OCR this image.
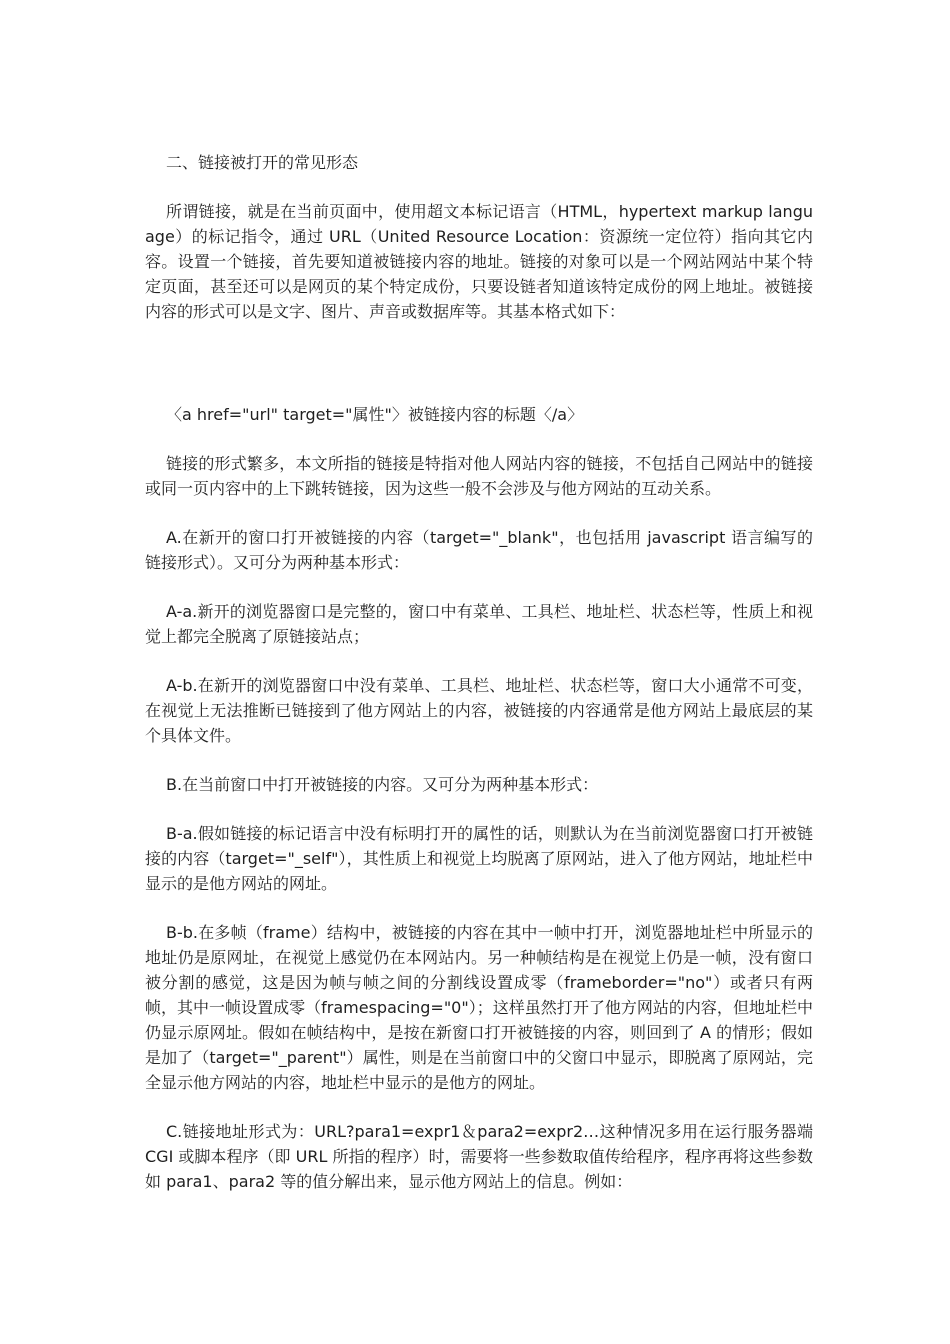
二、链接被打开的常见形态

所谓链接，就是在当前页面中，使用超文本标记语言（HTML，hypertext markup language）的标记指令，通过 URL（United Resource Location：资源统一定位符）指向其它内容。设置一个链接，首先要知道被链接内容的地址。链接的对象可以是一个网站网站中某个特定页面，甚至还可以是网页的某个特定成份，只要设链者知道该特定成份的网上地址。被链接内容的形式可以是文字、图片、声音或数据库等。其基本格式如下：

〈a href="url" target="属性"〉被链接内容的标题〈/a〉

链接的形式繁多，本文所指的链接是特指对他人网站内容的链接，不包括自己网站中的链接或同一页内容中的上下跳转链接，因为这些一般不会涉及与他方网站的互动关系。

A.在新开的窗口打开被链接的内容（target="_blank"，也包括用 javascript 语言编写的链接形式）。又可分为两种基本形式：

A-a.新开的浏览器窗口是完整的，窗口中有菜单、工具栏、地址栏、状态栏等，性质上和视觉上都完全脱离了原链接站点；

A-b.在新开的浏览器窗口中没有菜单、工具栏、地址栏、状态栏等，窗口大小通常不可变，在视觉上无法推断已链接到了他方网站上的内容，被链接的内容通常是他方网站上最底层的某个具体文件。

B.在当前窗口中打开被链接的内容。又可分为两种基本形式：

B-a.假如链接的标记语言中没有标明打开的属性的话，则默认为在当前浏览器窗口打开被链接的内容（target="_self"），其性质上和视觉上均脱离了原网站，进入了他方网站，地址栏中显示的是他方网站的网址。

B-b.在多帧（frame）结构中，被链接的内容在其中一帧中打开，浏览器地址栏中所显示的地址仍是原网址，在视觉上感觉仍在本网站内。另一种帧结构是在视觉上仍是一帧，没有窗口被分割的感觉，这是因为帧与帧之间的分割线设置成零（frameborder="no"）或者只有两帧，其中一帧设置成零（framespacing="0"）；这样虽然打开了他方网站的内容，但地址栏中仍显示原网址。假如在帧结构中，是按在新窗口打开被链接的内容，则回到了 A 的情形；假如是加了（target="_parent"）属性，则是在当前窗口中的父窗口中显示，即脱离了原网站，完全显示他方网站的内容，地址栏中显示的是他方的网址。

C.链接地址形式为：URL?para1=expr1＆para2=expr2…这种情况多用在运行服务器端 CGI 或脚本程序（即 URL 所指的程序）时，需要将一些参数取值传给程序，程序再将这些参数如 para1、para2 等的值分解出来，显示他方网站上的信息。例如：
